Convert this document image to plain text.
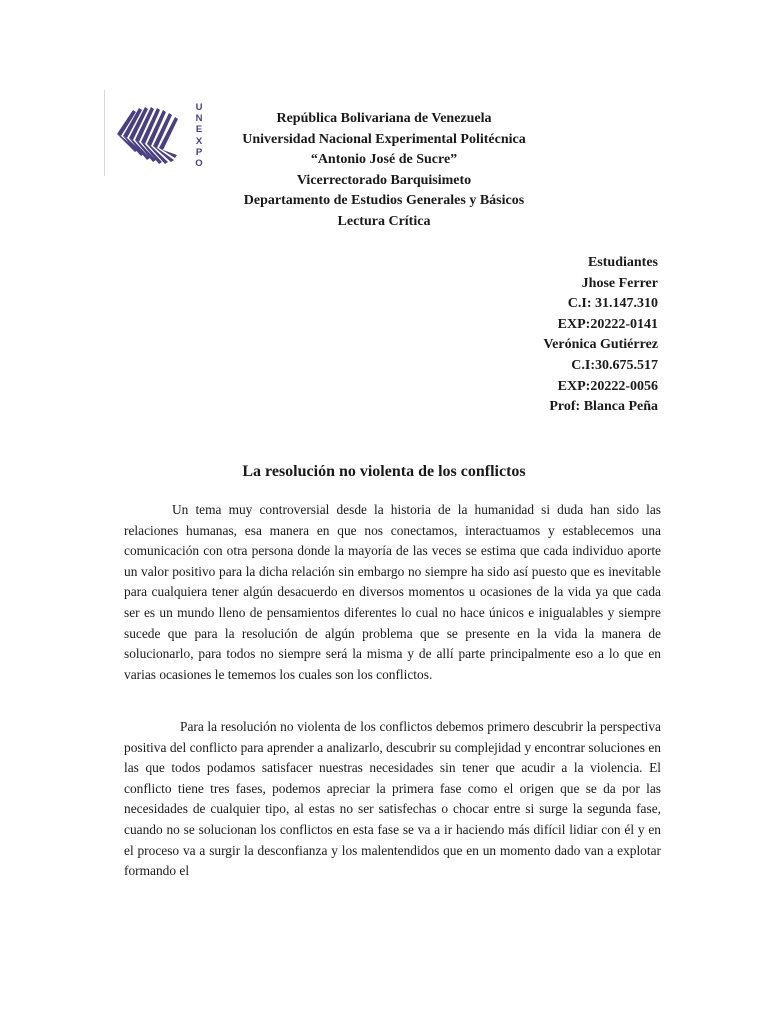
U
N
E
X
P
O
República Bolivariana de Venezuela
Universidad Nacional Experimental Politécnica
“Antonio José de Sucre”
Vicerrectorado Barquisimeto
Departamento de Estudios Generales y Básicos
Lectura Crítica
Estudiantes
Jhose Ferrer
C.I: 31.147.310
EXP:20222-0141
Verónica Gutiérrez
C.I:30.675.517
EXP:20222-0056
Prof: Blanca Peña
La resolución no violenta de los conflictos

Un tema muy controversial desde la historia de la humanidad si duda han sido las relaciones humanas, esa manera en que nos conectamos, interactuamos y establecemos una comunicación con otra persona donde la mayoría de las veces se estima que cada individuo aporte un valor positivo para la dicha relación sin embargo no siempre ha sido así puesto que es inevitable para cualquiera tener algún desacuerdo en diversos momentos u ocasiones de la vida ya que cada ser es un mundo lleno de pensamientos diferentes lo cual no hace únicos e inigualables y siempre sucede que para la resolución de algún problema que se presente en la vida la manera de solucionarlo, para todos no siempre será la misma y de allí parte principalmente eso a lo que en varias ocasiones le tememos los cuales son los conflictos.

Para la resolución no violenta de los conflictos debemos primero descubrir la perspectiva positiva del conflicto para aprender a analizarlo, descubrir su complejidad y encontrar soluciones en las que todos podamos satisfacer nuestras necesidades sin tener que acudir a la violencia. El conflicto tiene tres fases, podemos apreciar la primera fase como el origen que se da por las necesidades de cualquier tipo, al estas no ser satisfechas o chocar entre si surge la segunda fase, cuando no se solucionan los conflictos en esta fase se va a ir haciendo más difícil lidiar con él y en el proceso va a surgir la desconfianza y los malentendidos que en un momento dado van a explotar formando el
